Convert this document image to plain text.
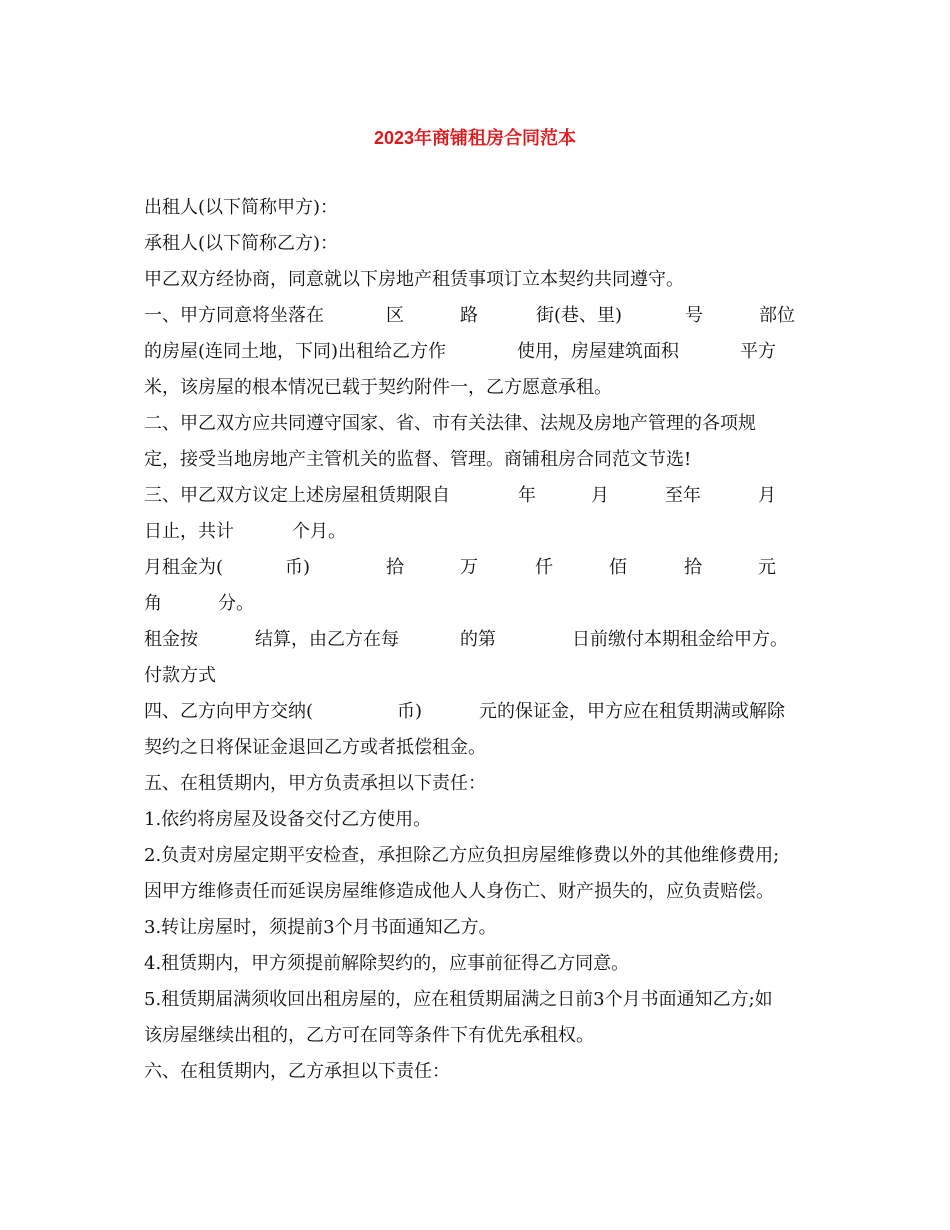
2023年商铺租房合同范本
出租人(以下简称甲方)：
承租人(以下简称乙方)：
甲乙双方经协商，同意就以下房地产租赁事项订立本契约共同遵守。
一、甲方同意将坐落在	区	路	街(巷、里)	号	部位
的房屋(连同土地，下同)出租给乙方作	使用，房屋建筑面积	平方
米，该房屋的根本情况已载于契约附件一，乙方愿意承租。
二、甲乙双方应共同遵守国家、省、市有关法律、法规及房地产管理的各项规
定，接受当地房地产主管机关的监督、管理。商铺租房合同范文节选!
三、甲乙双方议定上述房屋租赁期限自	年	月	至年	月
日止，共计	个月。
月租金为(	币)	拾	万	仟	佰	拾	元
角	分。
租金按	结算，由乙方在每	的第	日前缴付本期租金给甲方。
付款方式
四、乙方向甲方交纳(	币)	元的保证金，甲方应在租赁期满或解除
契约之日将保证金退回乙方或者抵偿租金。
五、在租赁期内，甲方负责承担以下责任：
1.依约将房屋及设备交付乙方使用。
2.负责对房屋定期平安检查，承担除乙方应负担房屋维修费以外的其他维修费用;
因甲方维修责任而延误房屋维修造成他人人身伤亡、财产损失的，应负责赔偿。
3.转让房屋时，须提前3个月书面通知乙方。
4.租赁期内，甲方须提前解除契约的，应事前征得乙方同意。
5.租赁期届满须收回出租房屋的，应在租赁期届满之日前3个月书面通知乙方;如
该房屋继续出租的，乙方可在同等条件下有优先承租权。
六、在租赁期内，乙方承担以下责任：
